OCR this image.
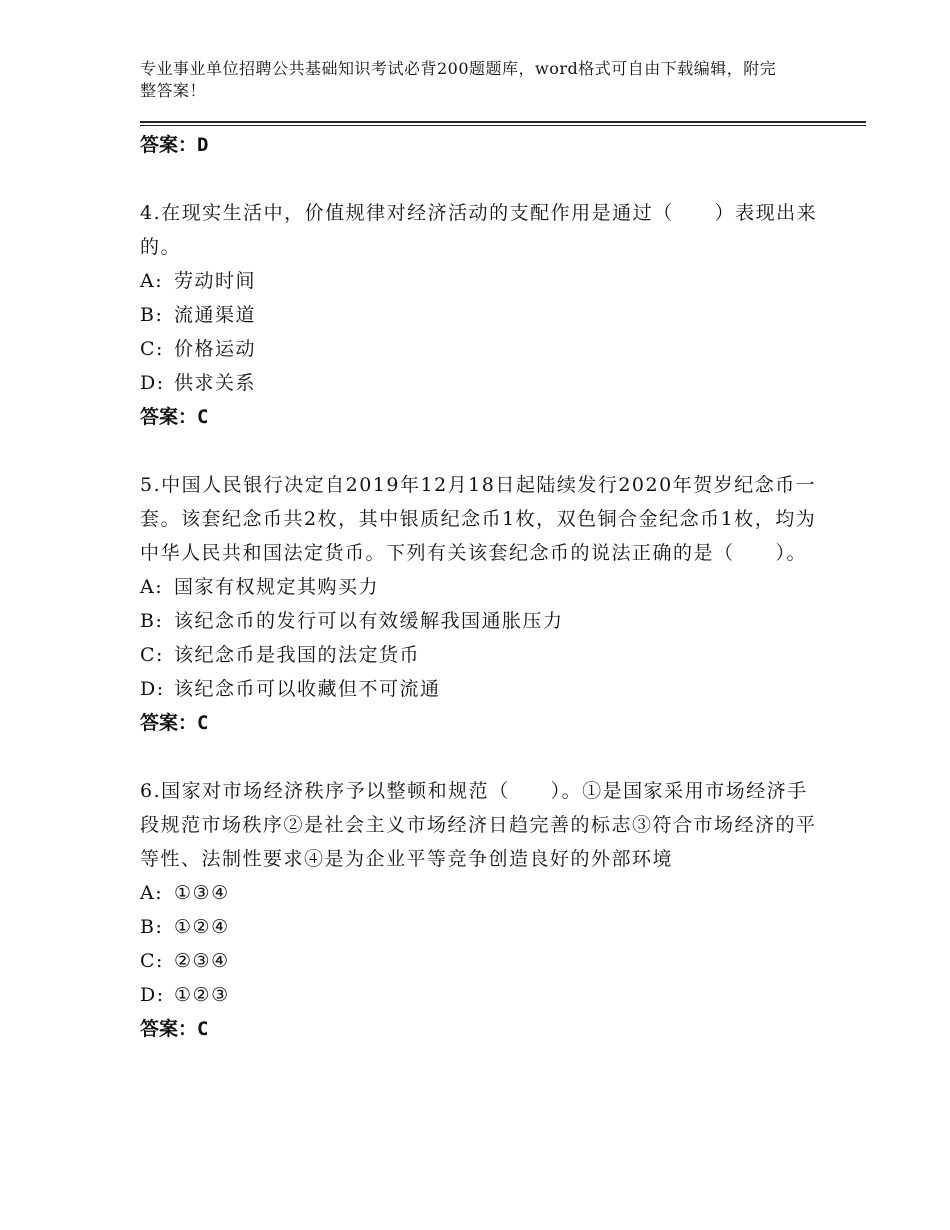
专业事业单位招聘公共基础知识考试必背200题题库，word格式可自由下载编辑，附完整答案！
答案：D

4.在现实生活中，价值规律对经济活动的支配作用是通过（　　）表现出来的。

A: 劳动时间
B: 流通渠道
C: 价格运动
D: 供求关系
答案：C

5.中国人民银行决定自2019年12月18日起陆续发行2020年贺岁纪念币一套。该套纪念币共2枚，其中银质纪念币1枚，双色铜合金纪念币1枚，均为中华人民共和国法定货币。下列有关该套纪念币的说法正确的是（　　）。

A: 国家有权规定其购买力
B: 该纪念币的发行可以有效缓解我国通胀压力
C: 该纪念币是我国的法定货币
D: 该纪念币可以收藏但不可流通
答案：C

6.国家对市场经济秩序予以整顿和规范（　　）。①是国家采用市场经济手段规范市场秩序②是社会主义市场经济日趋完善的标志③符合市场经济的平等性、法制性要求④是为企业平等竞争创造良好的外部环境

A: ①③④
B: ①②④
C: ②③④
D: ①②③
答案：C
